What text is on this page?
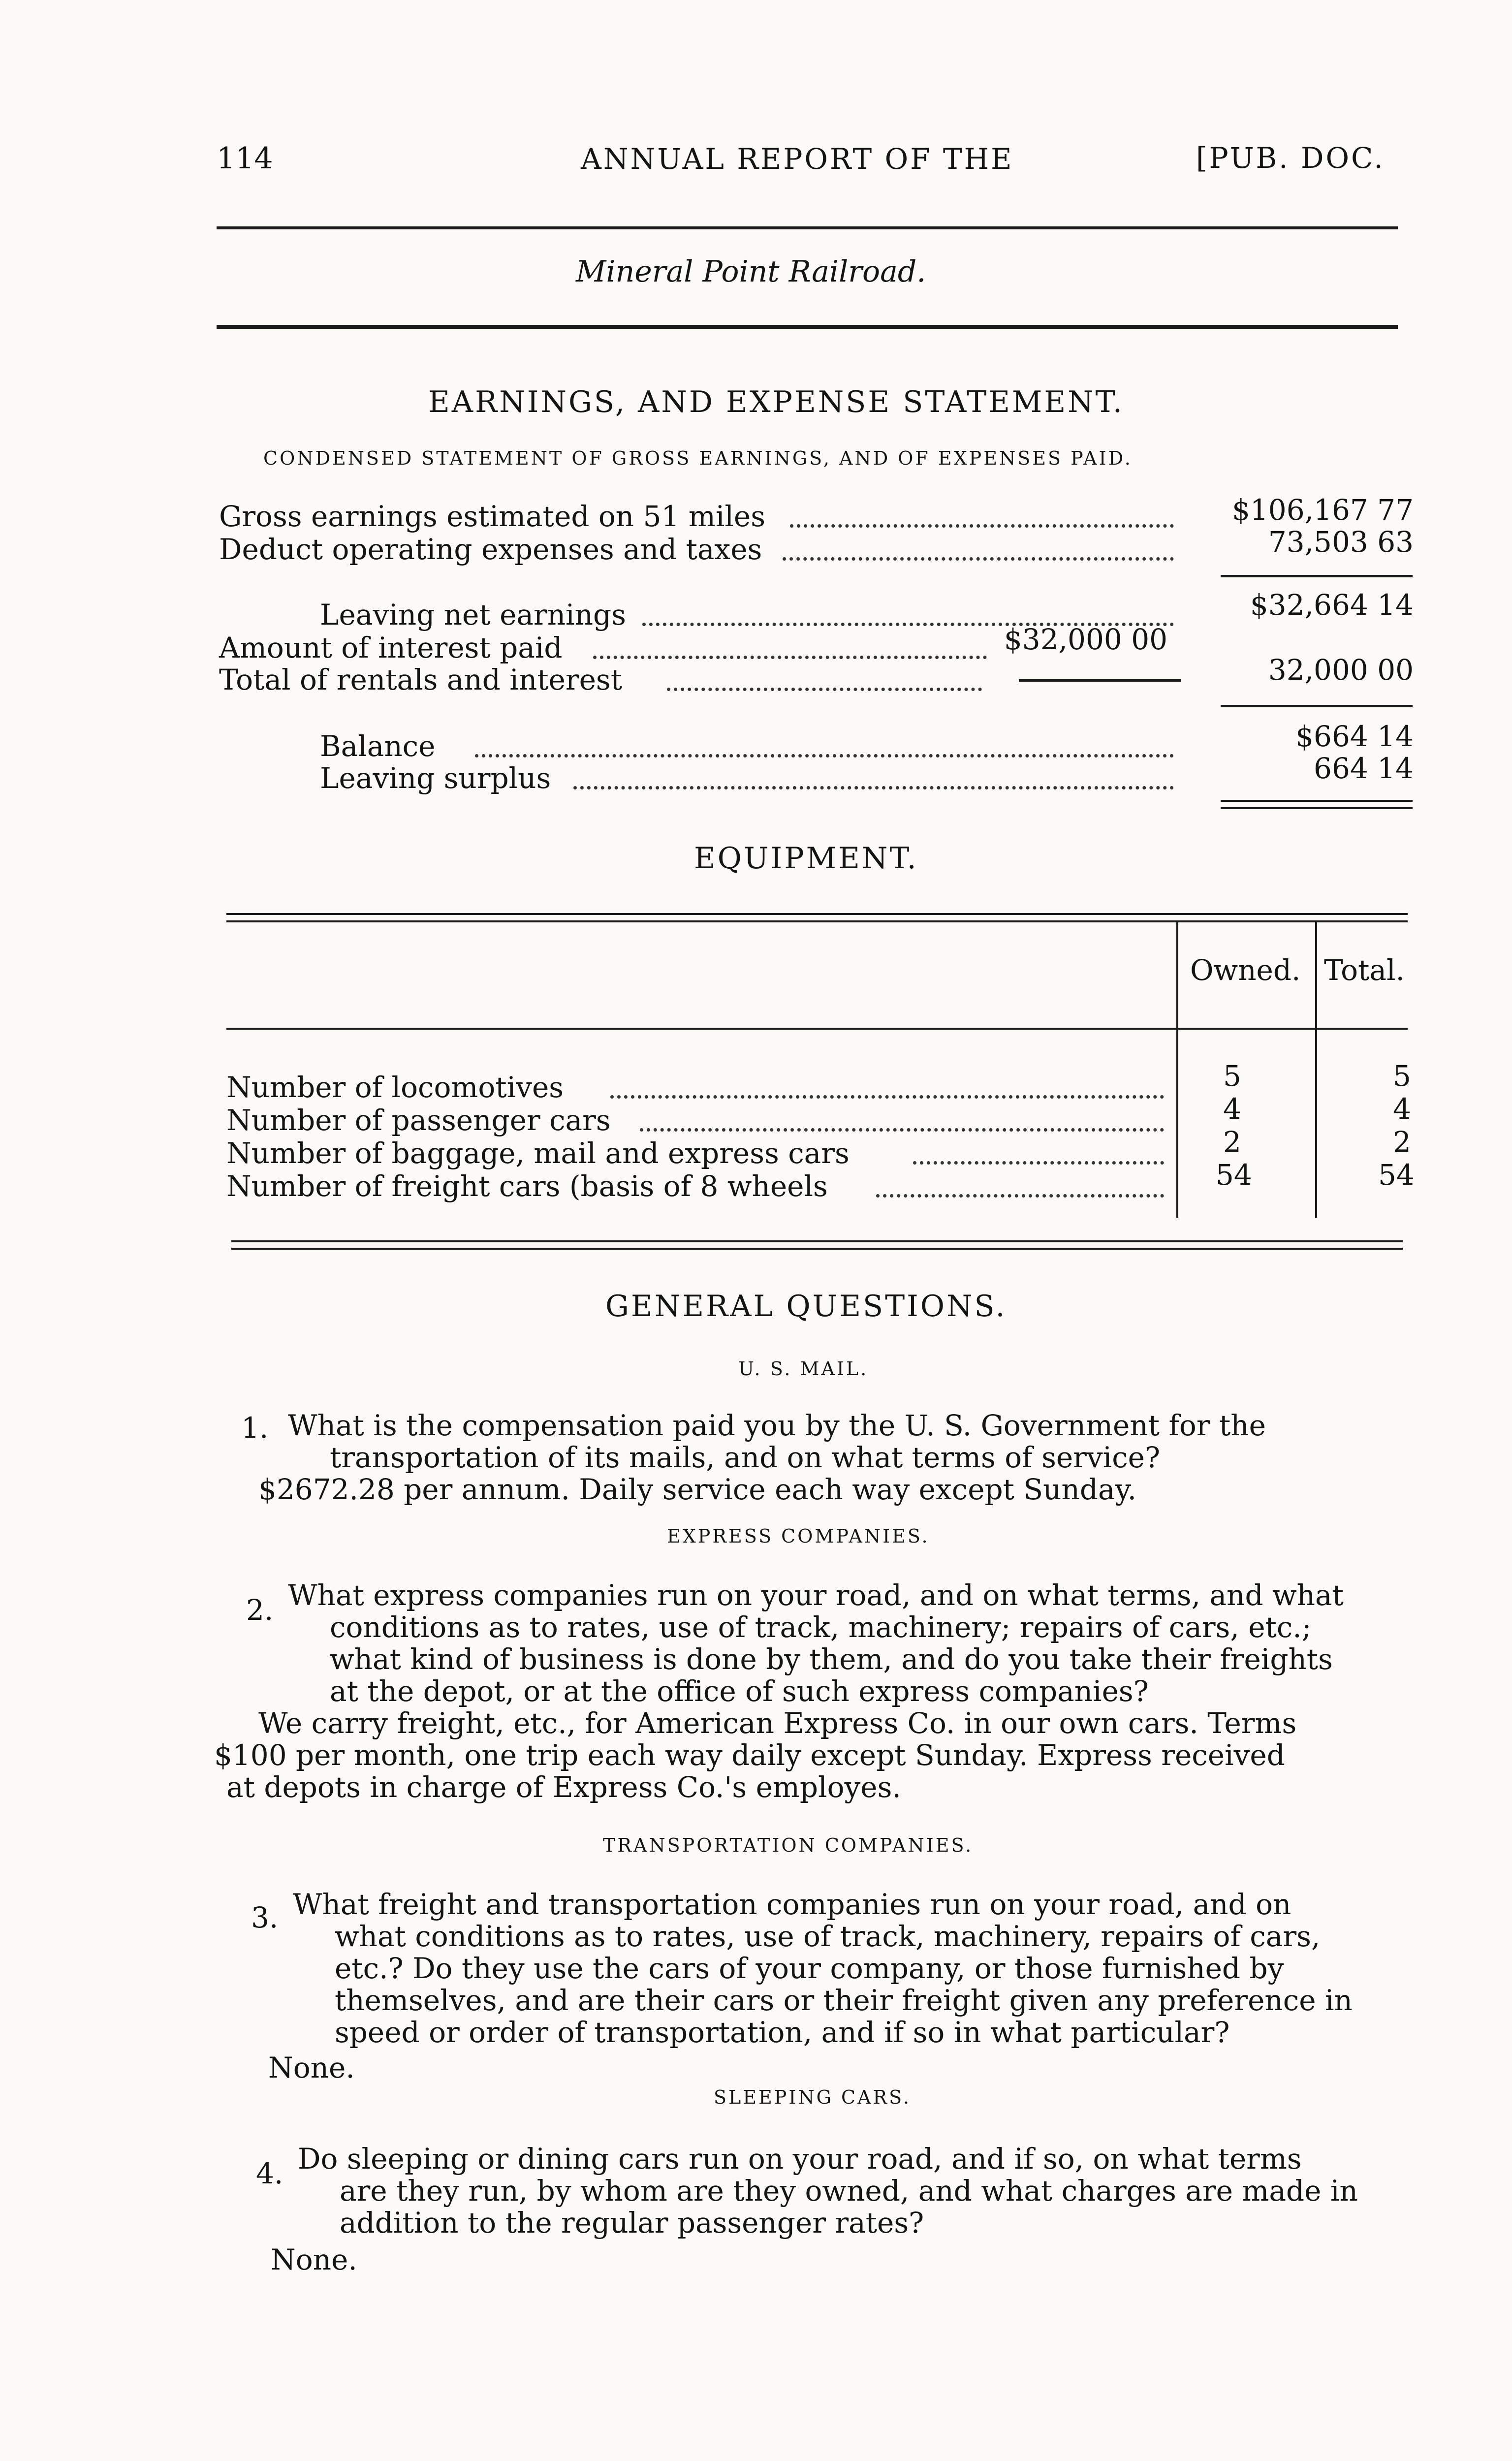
114	ANNUAL REPORT OF THE	[PUB. DOC.
Mineral Point Railroad.
EARNINGS, AND EXPENSE STATEMENT.
CONDENSED STATEMENT OF GROSS EARNINGS, AND OF EXPENSES PAID.
Gross earnings estimated on 51 miles	$106,167 77
Deduct operating expenses and taxes	73,503 63
Leaving net earnings	$32,664 14
Amount of interest paid	$32,000 00
Total of rentals and interest	32,000 00
Balance	$664 14
Leaving surplus	664 14
EQUIPMENT.
Owned. Total.
Number of locomotives	5	5
Number of passenger cars	4	4
Number of baggage, mail and express cars	2	2
Number of freight cars (basis of 8 wheels	54	54
GENERAL QUESTIONS.
U. S. MAIL.
1. What is the compensation paid you by the U. S. Government for the
transportation of its mails, and on what terms of service?
$2672.28 per annum. Daily service each way except Sunday.
EXPRESS COMPANIES.
2. What express companies run on your road, and on what terms, and what
conditions as to rates, use of track, machinery; repairs of cars, etc.;
what kind of business is done by them, and do you take their freights
at the depot, or at the office of such express companies?
We carry freight, etc., for American Express Co. in our own cars. Terms
$100 per month, one trip each way daily except Sunday. Express received
at depots in charge of Express Co.'s employes.
TRANSPORTATION COMPANIES.
3. What freight and transportation companies run on your road, and on
what conditions as to rates, use of track, machinery, repairs of cars,
etc.? Do they use the cars of your company, or those furnished by
themselves, and are their cars or their freight given any preference in
speed or order of transportation, and if so in what particular?
None.
SLEEPING CARS.
4. Do sleeping or dining cars run on your road, and if so, on what terms
are they run, by whom are they owned, and what charges are made in
addition to the regular passenger rates?
None.
